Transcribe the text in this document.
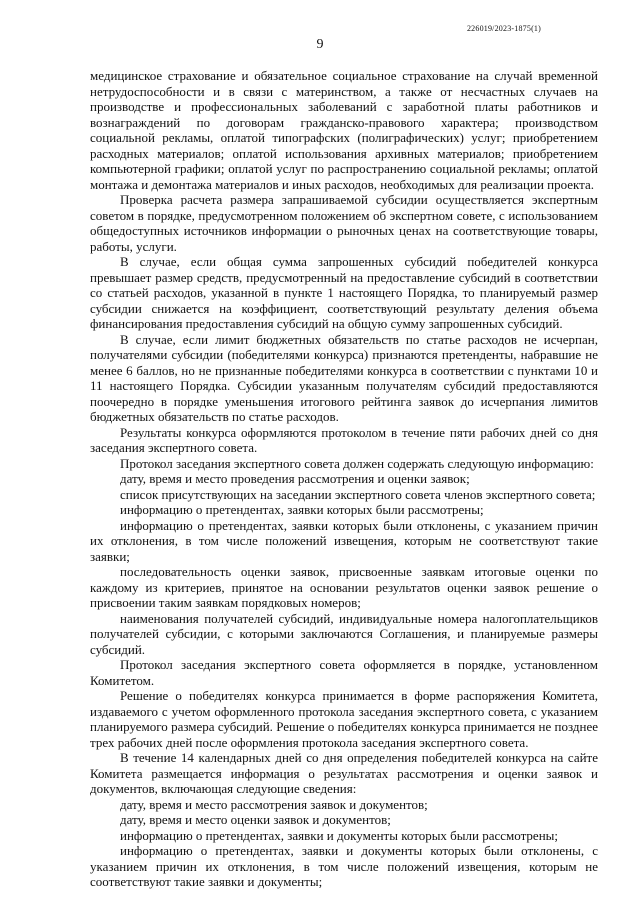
226019/2023-1875(1)
9

медицинское страхование и обязательное социальное страхование на случай временной нетрудоспособности и в связи с материнством, а также от несчастных случаев на производстве и профессиональных заболеваний с заработной платы работников и вознаграждений по договорам гражданско-правового характера; производством социальной рекламы, оплатой типографских (полиграфических) услуг; приобретением расходных материалов; оплатой использования архивных материалов; приобретением компьютерной графики; оплатой услуг по распространению социальной рекламы; оплатой монтажа и демонтажа материалов и иных расходов, необходимых для реализации проекта.

Проверка расчета размера запрашиваемой субсидии осуществляется экспертным советом в порядке, предусмотренном положением об экспертном совете, с использованием общедоступных источников информации о рыночных ценах на соответствующие товары, работы, услуги.

В случае, если общая сумма запрошенных субсидий победителей конкурса превышает размер средств, предусмотренный на предоставление субсидий в соответствии со статьей расходов, указанной в пункте 1 настоящего Порядка, то планируемый размер субсидии снижается на коэффициент, соответствующий результату деления объема финансирования предоставления субсидий на общую сумму запрошенных субсидий.

В случае, если лимит бюджетных обязательств по статье расходов не исчерпан, получателями субсидии (победителями конкурса) признаются претенденты, набравшие не менее 6 баллов, но не признанные победителями конкурса в соответствии с пунктами 10 и 11 настоящего Порядка. Субсидии указанным получателям субсидий предоставляются поочередно в порядке уменьшения итогового рейтинга заявок до исчерпания лимитов бюджетных обязательств по статье расходов.

Результаты конкурса оформляются протоколом в течение пяти рабочих дней со дня заседания экспертного совета.

Протокол заседания экспертного совета должен содержать следующую информацию:

дату, время и место проведения рассмотрения и оценки заявок;

список присутствующих на заседании экспертного совета членов экспертного совета;

информацию о претендентах, заявки которых были рассмотрены;

информацию о претендентах, заявки которых были отклонены, с указанием причин их отклонения, в том числе положений извещения, которым не соответствуют такие заявки;

последовательность оценки заявок, присвоенные заявкам итоговые оценки по каждому из критериев, принятое на основании результатов оценки заявок решение о присвоении таким заявкам порядковых номеров;

наименования получателей субсидий, индивидуальные номера налогоплательщиков получателей субсидии, с которыми заключаются Соглашения, и планируемые размеры субсидий.

Протокол заседания экспертного совета оформляется в порядке, установленном Комитетом.

Решение о победителях конкурса принимается в форме распоряжения Комитета, издаваемого с учетом оформленного протокола заседания экспертного совета, с указанием планируемого размера субсидий. Решение о победителях конкурса принимается не позднее трех рабочих дней после оформления протокола заседания экспертного совета.

В течение 14 календарных дней со дня определения победителей конкурса на сайте Комитета размещается информация о результатах рассмотрения и оценки заявок и документов, включающая следующие сведения:

дату, время и место рассмотрения заявок и документов;

дату, время и место оценки заявок и документов;

информацию о претендентах, заявки и документы которых были рассмотрены;

информацию о претендентах, заявки и документы которых были отклонены, с указанием причин их отклонения, в том числе положений извещения, которым не соответствуют такие заявки и документы;
